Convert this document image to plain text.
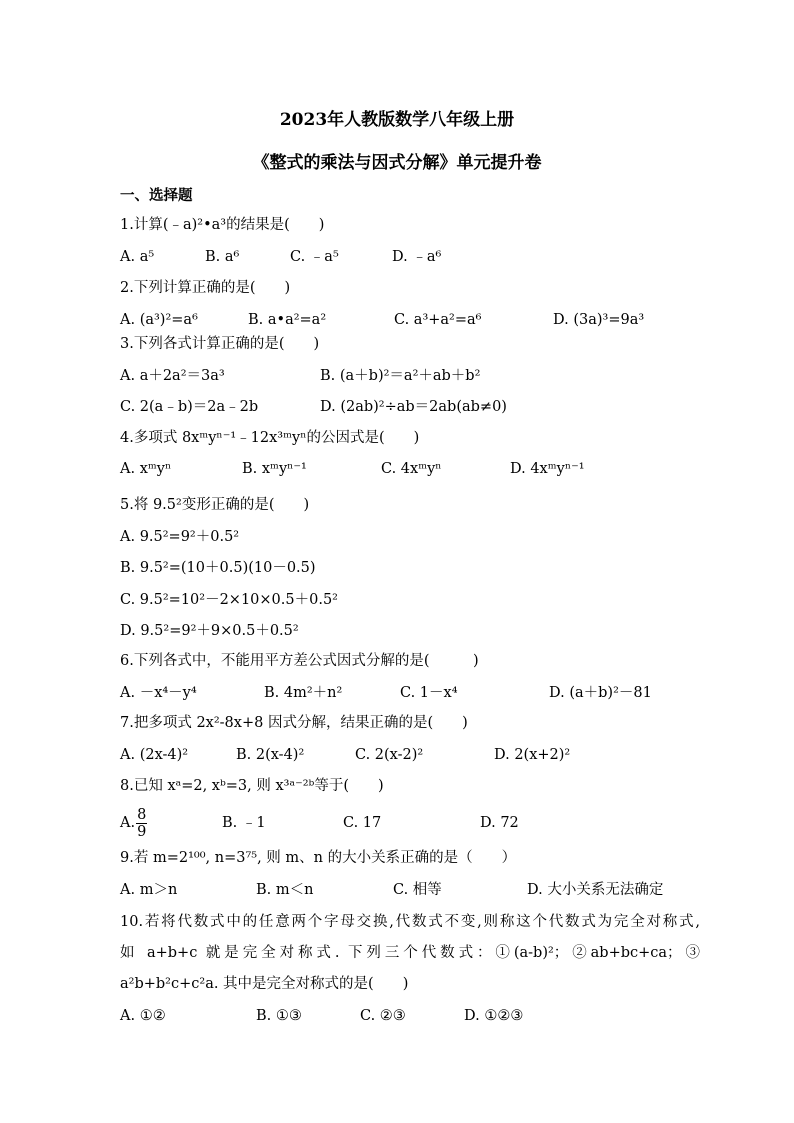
2023年人教版数学八年级上册
《整式的乘法与因式分解》单元提升卷
一、选择题
1.计算(﹣a)²•a³的结果是(　　)
A. a⁵	B. a⁶	C. ﹣a⁵	D. ﹣a⁶
2.下列计算正确的是(　　)
A. (a³)²=a⁶	B. a•a²=a²	C. a³+a²=a⁶	D. (3a)³=9a³
3.下列各式计算正确的是(　　)
A. a＋2a²＝3a³	B. (a＋b)²＝a²＋ab＋b²
C. 2(a﹣b)＝2a﹣2b	D. (2ab)²÷ab＝2ab(ab≠0)
4.多项式 8xᵐyⁿ⁻¹﹣12x³ᵐyⁿ的公因式是(　　)
A. xᵐyⁿ	B. xᵐyⁿ⁻¹	C. 4xᵐyⁿ	D. 4xᵐyⁿ⁻¹
5.将 9.5²变形正确的是(　　)
A. 9.5²=9²＋0.5²
B. 9.5²=(10＋0.5)(10－0.5)
C. 9.5²=10²－2×10×0.5＋0.5²
D. 9.5²=9²＋9×0.5＋0.5²
6.下列各式中，不能用平方差公式因式分解的是(　　　)
A. －x⁴－y⁴	B. 4m²＋n²	C. 1－x⁴	D. (a＋b)²－81
7.把多项式 2x²-8x+8 因式分解，结果正确的是(　　)
A. (2x-4)²	B. 2(x-4)²	C. 2(x-2)²	D. 2(x+2)²
8.已知 xᵃ=2, xᵇ=3, 则 x³ᵃ⁻²ᵇ等于(　　)
A. $\frac{8}{9}$	B. ﹣1	C. 17	D. 72
9.若 m=2¹⁰⁰, n=3⁷⁵, 则 m、n 的大小关系正确的是（　　）
A. m＞n	B. m＜n	C. 相等	D. 大小关系无法确定
10.若将代数式中的任意两个字母交换,代数式不变,则称这个代数式为完全对称式,
如 a+b+c 就是完全对称式. 下列三个代数式：①(a-b)²；②ab+bc+ca；③
a²b+b²c+c²a. 其中是完全对称式的是(　　)
A. ①②	B. ①③	C. ②③	D. ①②③
